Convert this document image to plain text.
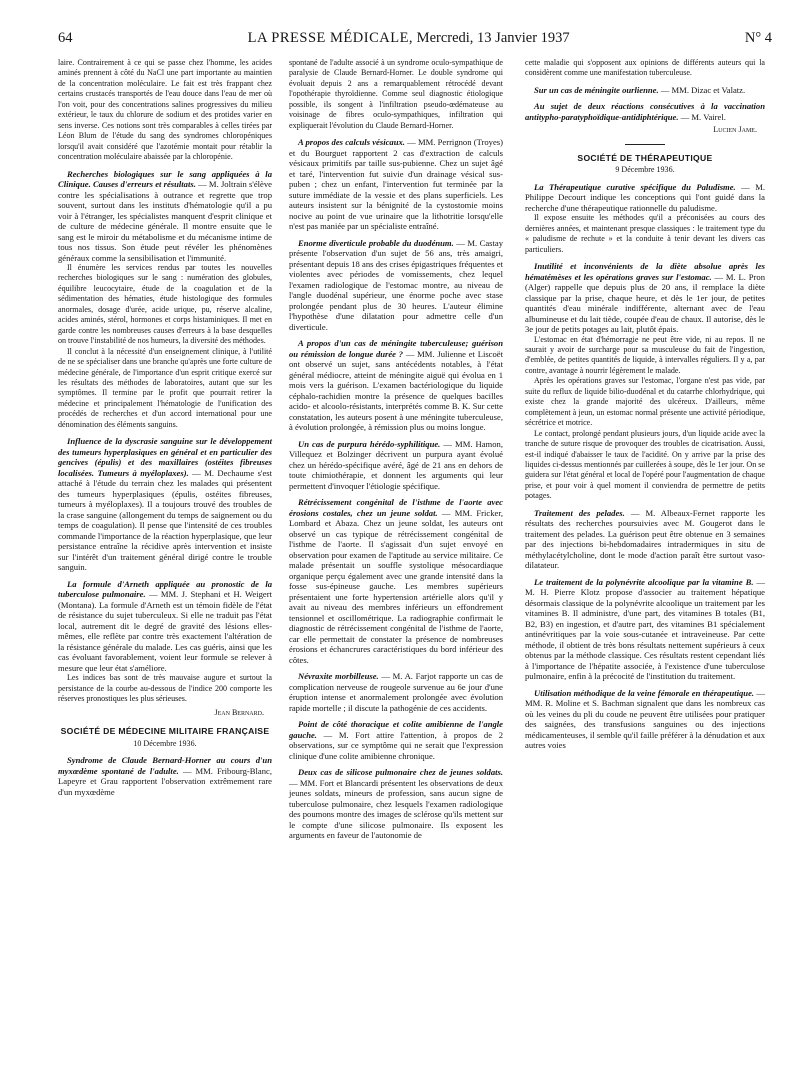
64	LA PRESSE MÉDICALE, Mercredi, 13 Janvier 1937	N° 4

laire. Contrairement à ce qui se passe chez l'homme, les acides aminés prennent à côté du NaCl une part importante au maintien de la concentration moléculaire. Le fait est très frappant chez certains crustacés transportés de l'eau douce dans l'eau de mer où l'on voit, pour des concentrations salines progressives du milieu extérieur, le taux du chlorure de sodium et des protides varier en sens inverse. Ces notions sont très comparables à celles tirées par Léon Blum de l'étude du sang des syndromes chloropéniques lorsqu'il avait considéré que l'azotémie montait pour rétablir la concentration moléculaire abaissée par la chloropénie.

Recherches biologiques sur le sang appliquées à la Clinique. Causes d'erreurs et résultats. — M. Joltrain s'élève contre les spécialisations à outrance et regrette que trop souvent, surtout dans les instituts d'hématologie qu'il a pu voir à l'étranger, les spécialistes manquent d'esprit clinique et de culture de médecine générale. Il montre ensuite que le sang est le miroir du métabolisme et du mécanisme intime de tous nos tissus. Son étude peut révéler les phénomènes généraux comme la sensibilisation et l'immunité.

Il énumère les services rendus par toutes les nouvelles recherches biologiques sur le sang : numération des globules, équilibre leucocytaire, étude de la coagulation et de la sédimentation des hématies, étude histologique des formules anormales, dosage d'urée, acide urique, pu, réserve alcaline, acides aminés, stérol, hormones et corps histaminiques. Il met en garde contre les nombreuses causes d'erreurs à la base desquelles on trouve l'instabilité de nos humeurs, la diversité des méthodes.

Il conclut à la nécessité d'un enseignement clinique, à l'utilité de ne se spécialiser dans une branche qu'après une forte culture de médecine générale, de l'importance d'un esprit critique exercé sur les résultats des méthodes de laboratoires, autant que sur les symptômes. Il termine par le profit que pourrait retirer la médecine et principalement l'hématologie de l'unification des procédés de recherches et d'un accord international pour une dénomination des éléments sanguins.

Influence de la dyscrasie sanguine sur le développement des tumeurs hyperplasiques en général et en particulier des gencives (épulis) et des maxillaires (ostéites fibreuses localisées. Tumeurs à myéloplaxes). — M. Dechaume s'est attaché à l'étude du terrain chez les malades qui présentent des tumeurs hyperplasiques (épulis, ostéites fibreuses, tumeurs à myéloplaxes). Il a toujours trouvé des troubles de la crase sanguine (allongement du temps de saignement ou du temps de coagulation). Il pense que l'intensité de ces troubles commande l'importance de la réaction hyperplasique, que leur persistance entraîne la récidive après intervention et insiste sur l'intérêt d'un traitement général dirigé contre le trouble sanguin.
La formule d'Arneth appliquée au pronostic de la tuberculose pulmonaire. — MM. J. Stephani et H. Weigert (Montana). La formule d'Arneth est un témoin fidèle de l'état de résistance du sujet tuberculeux. Si elle ne traduit pas l'état local, autrement dit le degré de gravité des lésions elles-mêmes, elle reflète par contre très exactement l'altération de la résistance générale du malade. Les cas guéris, ainsi que les cas évoluant favorablement, voient leur formule se relever à mesure que leur état s'améliore.

Les indices bas sont de très mauvaise augure et surtout la persistance de la courbe au-dessous de l'indice 200 comporte les réserves pronostiques les plus sérieuses.

Jean Bernard.

SOCIÉTÉ DE MÉDECINE MILITAIRE FRANÇAISE

10 Décembre 1936.

Syndrome de Claude Bernard-Horner au cours d'un myxœdème spontané de l'adulte. — MM. Fribourg-Blanc, Lapeyre et Grau rapportent l'observation extrêmement rare d'un myxœdème

spontané de l'adulte associé à un syndrome oculo-sympathique de paralysie de Claude Bernard-Horner. Le double syndrome qui évoluait depuis 2 ans a remarquablement rétrocédé devant l'opothérapie thyroïdienne. Comme seul diagnostic étiologique possible, ils songent à l'infiltration pseudo-œdémateuse au voisinage de fibres oculo-sympathiques, infiltration qui expliquerait l'évolution du Claude Bernard-Horner.

A propos des calculs vésicaux. — MM. Perrignon (Troyes) et du Bourguet rapportent 2 cas d'extraction de calculs vésicaux primitifs par taille sus-pubienne. Chez un sujet âgé et taré, l'intervention fut suivie d'un drainage vésical sus-puben ; chez un enfant, l'intervention fut terminée par la suture immédiate de la vessie et des plans superficiels. Les auteurs insistent sur la bénignité de la cystostomie moins nocive au point de vue urinaire que la lithotritie lorsqu'elle n'est pas maniée par un spécialiste entraîné.
Enorme diverticule probable du duodénum. — M. Castay présente l'observation d'un sujet de 56 ans, très amaigri, présentant depuis 18 ans des crises épigastriques fréquentes et violentes avec périodes de vomissements, chez lequel l'examen radiologique de l'estomac montre, au niveau de l'angle duodénal supérieur, une énorme poche avec stase prolongée pendant plus de 30 heures. L'auteur élimine l'hypothèse d'une dilatation pour admettre celle d'un diverticule.
A propos d'un cas de méningite tuberculeuse; guérison ou rémission de longue durée ? — MM. Julienne et Liscoët ont observé un sujet, sans antécédents notables, à l'état général médiocre, atteint de méningite aiguë qui évolua en 1 mois vers la guérison. L'examen bactériologique du liquide céphalo-rachidien montre la présence de quelques bacilles acido- et alcoolo-résistants, interprétés comme B. K. Sur cette constatation, les auteurs posent à une méningite tuberculeuse, à évolution prolongée, à rémission plus ou moins longue.
Un cas de purpura hérédo-syphilitique. — MM. Hamon, Villequez et Bolzinger décrivent un purpura ayant évolué chez un hérédo-spécifique avéré, âgé de 21 ans en dehors de toute chimiothérapie, et donnent les arguments qui leur permettent d'invoquer l'étiologie spécifique.
Rétrécissement congénital de l'isthme de l'aorte avec érosions costales, chez un jeune soldat. — MM. Fricker, Lombard et Abaza. Chez un jeune soldat, les auteurs ont observé un cas typique de rétrécissement congénital de l'isthme de l'aorte. Il s'agissait d'un sujet envoyé en observation pour examen de l'aptitude au service militaire. Ce malade présentait un souffle systolique mésocardiaque organique perçu également avec une grande intensité dans la fosse sus-épineuse gauche. Les membres supérieurs présentaient une forte hypertension artérielle alors qu'il y avait au niveau des membres inférieurs un effondrement tensionnel et oscillométrique. La radiographie confirmait le diagnostic de rétrécissement congénital de l'isthme de l'aorte, car elle permettait de constater la présence de nombreuses érosions et échancrures caractéristiques du bord inférieur des côtes.
Névraxite morbilleuse. — M. A. Farjot rapporte un cas de complication nerveuse de rougeole survenue au 6e jour d'une éruption intense et anormalement prolongée avec évolution rapide mortelle ; il discute la pathogénie de ces accidents.
Point de côté thoracique et colite amibienne de l'angle gauche. — M. Fort attire l'attention, à propos de 2 observations, sur ce symptôme qui ne serait que l'expression clinique d'une colite amibienne chronique.
Deux cas de silicose pulmonaire chez de jeunes soldats. — MM. Fort et Blancardi présentent les observations de deux jeunes soldats, mineurs de profession, sans aucun signe de tuberculose pulmonaire, chez lesquels l'examen radiologique des poumons montre des images de sclérose qu'ils mettent sur le compte d'une silicose pulmonaire. Ils exposent les arguments en faveur de l'autonomie de

cette maladie qui s'opposent aux opinions de différents auteurs qui la considèrent comme une manifestation tuberculeuse.

Sur un cas de méningite ourlienne. — MM. Dizac et Valatz.
Au sujet de deux réactions consécutives à la vaccination antitypho-paratyphoïdique-antidiphtérique. — M. Vairel.

Lucien Jame.

SOCIÉTÉ DE THÉRAPEUTIQUE

9 Décembre 1936.

La Thérapeutique curative spécifique du Paludisme. — M. Philippe Decourt indique les conceptions qui l'ont guidé dans la recherche d'une thérapeutique rationnelle du paludisme.

Il expose ensuite les méthodes qu'il a préconisées au cours des dernières années, et maintenant presque classiques : le traitement type du « paludisme de rechute » et la conduite à tenir devant les divers cas particuliers.

Inutilité et inconvénients de la diète absolue après les hématémèses et les opérations graves sur l'estomac. — M. L. Pron (Alger) rappelle que depuis plus de 20 ans, il remplace la diète classique par la prise, chaque heure, et dès le 1er jour, de petites quantités d'eau minérale indifférente, alternant avec de l'eau albumineuse et du lait tiède, coupée d'eau de chaux. Il autorise, dès le 3e jour de petits potages au lait, plutôt épais.

L'estomac en état d'hémorragie ne peut être vide, ni au repos. Il ne saurait y avoir de surcharge pour sa musculeuse du fait de l'ingestion, d'emblée, de petites quantités de liquide, à intervalles réguliers. Il y a, par contre, avantage à nourrir légèrement le malade.

Après les opérations graves sur l'estomac, l'organe n'est pas vide, par suite du reflux de liquide bilio-duodénal et du catarrhe chlorhydrique, qui existe chez la grande majorité des ulcéreux. D'ailleurs, même complètement à jeun, un estomac normal présente une activité périodique, sécrétrice et motrice.

Le contact, prolongé pendant plusieurs jours, d'un liquide acide avec la tranche de suture risque de provoquer des troubles de cicatrisation. Aussi, est-il indiqué d'abaisser le taux de l'acidité. On y arrive par la prise des liquides ci-dessus mentionnés par cuillerées à soupe, dès le 1er jour. On se guidera sur l'état général et local de l'opéré pour l'augmentation de chaque prise, et pour voir à quel moment il conviendra de permettre de petits potages.

Traitement des pelades. — M. Albeaux-Fernet rapporte les résultats des recherches poursuivies avec M. Gougerot dans le traitement des pelades. La guérison peut être obtenue en 3 semaines par des injections bi-hebdomadaires intradermiques in situ de méthylacétylcholine, dont le mode d'action paraît être surtout vaso-dilatateur.
Le traitement de la polynévrite alcoolique par la vitamine B. — M. H. Pierre Klotz propose d'associer au traitement hépatique désormais classique de la polynévrite alcoolique un traitement par les vitamines B. Il administre, d'une part, des vitamines B totales (B1, B2, B3) en ingestion, et d'autre part, des vitamines B1 spécialement antinévritiques par la voie sous-cutanée et intraveineuse. Par cette méthode, il obtient de très bons résultats nettement supérieurs à ceux obtenus par la méthode classique. Ces résultats restent cependant liés à l'importance de l'hépatite associée, à l'existence d'une tuberculose pulmonaire, enfin à la précocité de l'institution du traitement.
Utilisation méthodique de la veine fémorale en thérapeutique. — MM. R. Moline et S. Bachman signalent que dans les nombreux cas où les veines du pli du coude ne peuvent être utilisées pour pratiquer des saignées, des transfusions sanguines ou des injections médicamenteuses, il semble qu'il faille préférer à la dénudation et aux autres voies
